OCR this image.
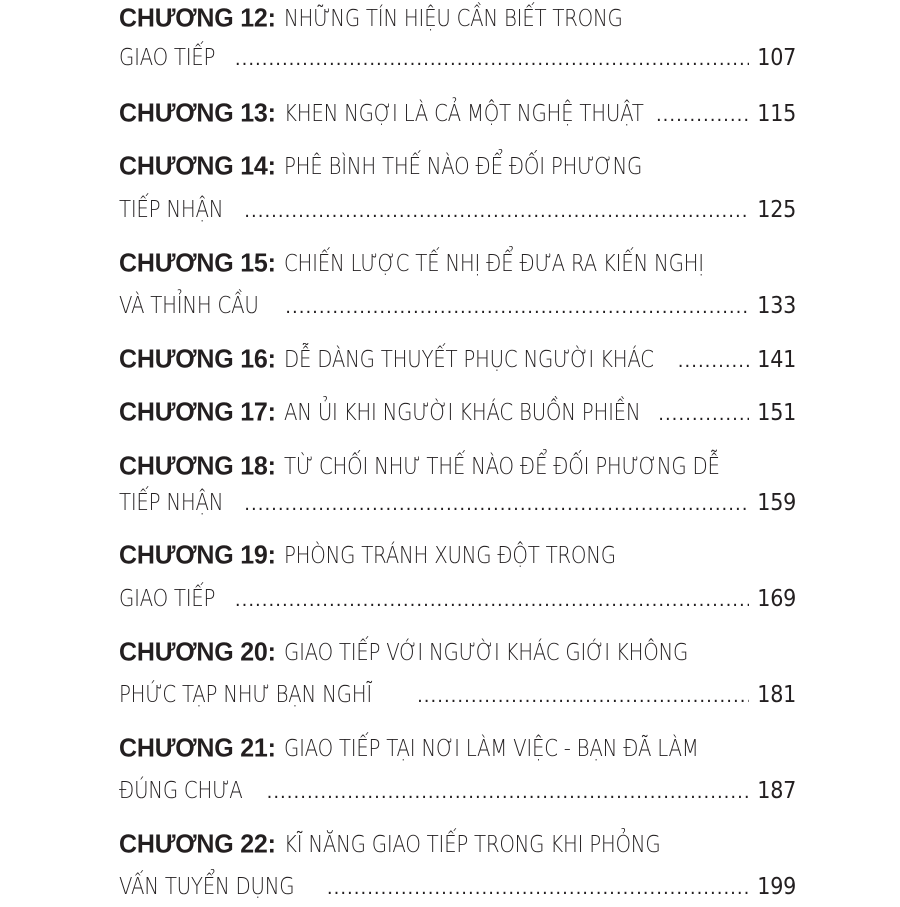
CHƯƠNG 12: NHỮNG TÍN HIỆU CẦN BIẾT TRONG
GIAO TIẾP .....	107
CHƯƠNG 13: KHEN NGỢI LÀ CẢ MỘT NGHỆ THUẬT .....	115
CHƯƠNG 14: PHÊ BÌNH THẾ NÀO ĐỂ ĐỐI PHƯƠNG
TIẾP NHẬN .....	125
CHƯƠNG 15: CHIẾN LƯỢC TẾ NHỊ ĐỂ ĐƯA RA KIẾN NGHỊ
VÀ THỈNH CẦU .....	133
CHƯƠNG 16: DỄ DÀNG THUYẾT PHỤC NGƯỜI KHÁC .....	141
CHƯƠNG 17: AN ỦI KHI NGƯỜI KHÁC BUỒN PHIỀN .....	151
CHƯƠNG 18: TỪ CHỐI NHƯ THẾ NÀO ĐỂ ĐỐI PHƯƠNG DỄ
TIẾP NHẬN .....	159
CHƯƠNG 19: PHÒNG TRÁNH XUNG ĐỘT TRONG
GIAO TIẾP .....	169
CHƯƠNG 20: GIAO TIẾP VỚI NGƯỜI KHÁC GIỚI KHÔNG
PHỨC TẠP NHƯ BẠN NGHĨ .....	181
CHƯƠNG 21: GIAO TIẾP TẠI NƠI LÀM VIỆC - BẠN ĐÃ LÀM
ĐÚNG CHƯA .....	187
CHƯƠNG 22: KĨ NĂNG GIAO TIẾP TRONG KHI PHỎNG
VẤN TUYỂN DỤNG .....	199
